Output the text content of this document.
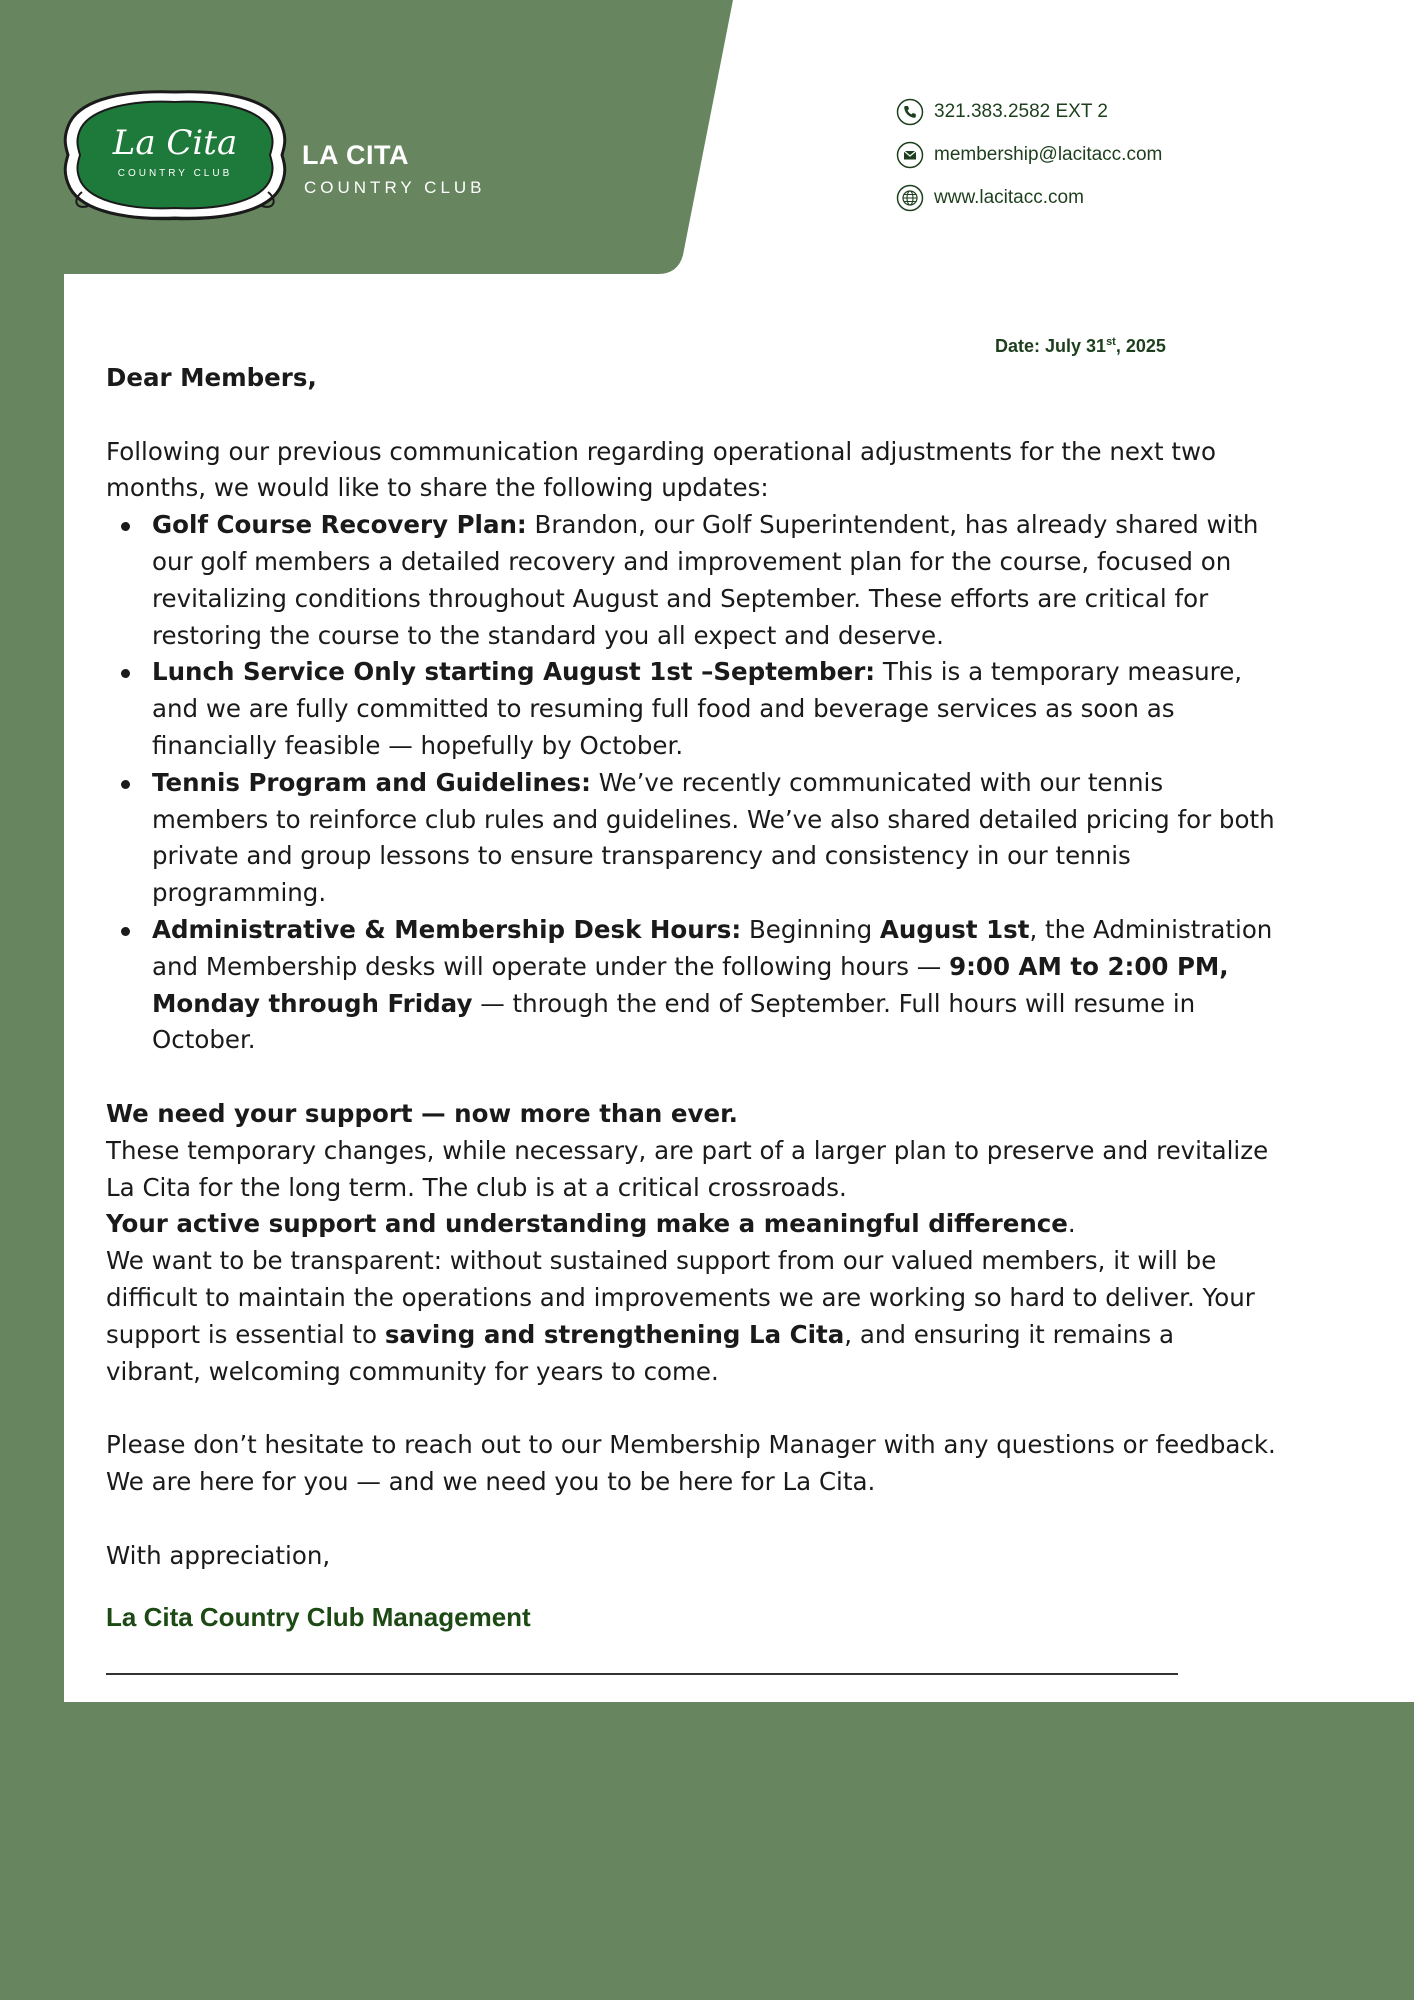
La Cita
COUNTRY CLUB
LA CITA
COUNTRY CLUB
321.383.2582 EXT 2
membership@lacitacc.com
www.lacitacc.com
Date: July 31st, 2025

Dear Members,

Following our previous communication regarding operational adjustments for the next two months, we would like to share the following updates:

Golf Course Recovery Plan: Brandon, our Golf Superintendent, has already shared with our golf members a detailed recovery and improvement plan for the course, focused on revitalizing conditions throughout August and September. These efforts are critical for restoring the course to the standard you all expect and deserve.
Lunch Service Only starting August 1st –September: This is a temporary measure, and we are fully committed to resuming full food and beverage services as soon as financially feasible — hopefully by October.
Tennis Program and Guidelines: We’ve recently communicated with our tennis members to reinforce club rules and guidelines. We’ve also shared detailed pricing for both private and group lessons to ensure transparency and consistency in our tennis programming.
Administrative & Membership Desk Hours: Beginning August 1st, the Administration and Membership desks will operate under the following hours — 9:00 AM to 2:00 PM, Monday through Friday — through the end of September. Full hours will resume in October.

We need your support — now more than ever.

These temporary changes, while necessary, are part of a larger plan to preserve and revitalize La Cita for the long term. The club is at a critical crossroads.

Your active support and understanding make a meaningful difference.

We want to be transparent: without sustained support from our valued members, it will be difficult to maintain the operations and improvements we are working so hard to deliver. Your support is essential to saving and strengthening La Cita, and ensuring it remains a vibrant, welcoming community for years to come.

Please don’t hesitate to reach out to our Membership Manager with any questions or feedback. We are here for you — and we need you to be here for La Cita.

With appreciation,

La Cita Country Club Management
